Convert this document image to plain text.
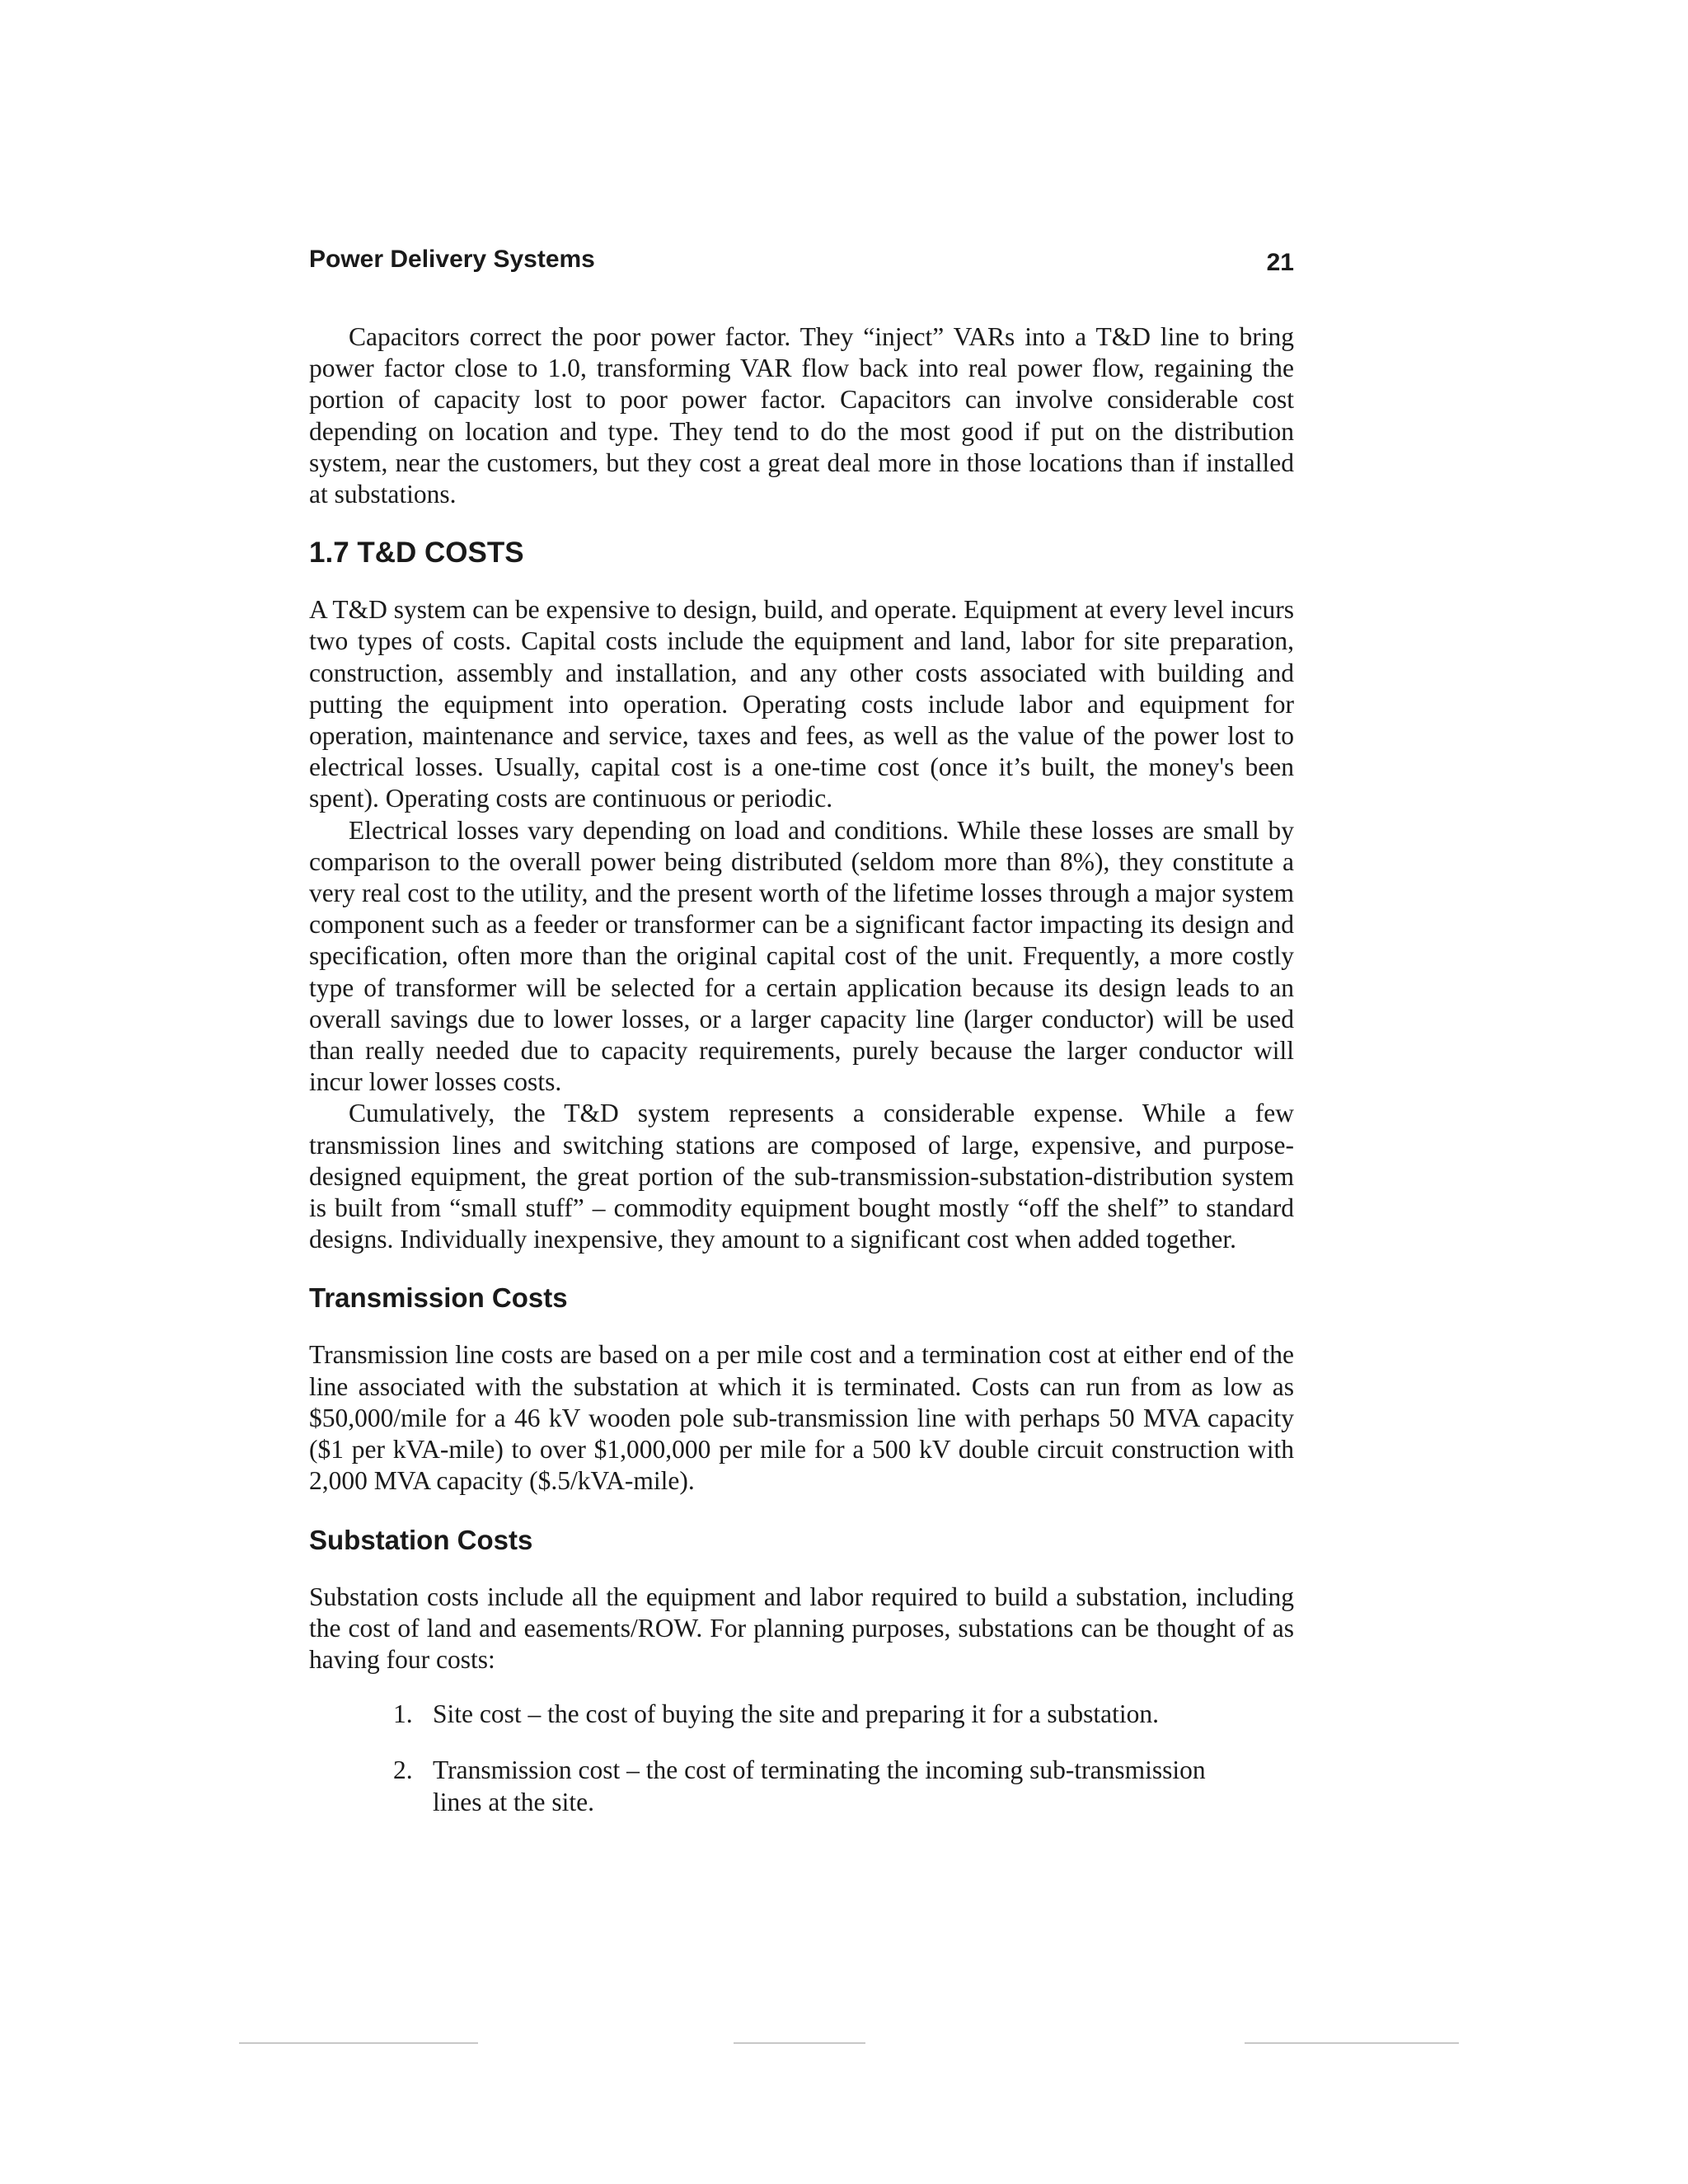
Power Delivery Systems	21

Capacitors correct the poor power factor. They “inject” VARs into a T&D line to bring power factor close to 1.0, transforming VAR flow back into real power flow, regaining the portion of capacity lost to poor power factor. Capacitors can involve considerable cost depending on location and type. They tend to do the most good if put on the distribution system, near the customers, but they cost a great deal more in those locations than if installed at substations.

1.7 T&D COSTS

A T&D system can be expensive to design, build, and operate. Equipment at every level incurs two types of costs. Capital costs include the equipment and land, labor for site preparation, construction, assembly and installation, and any other costs associated with building and putting the equipment into operation. Operating costs include labor and equipment for operation, maintenance and service, taxes and fees, as well as the value of the power lost to electrical losses. Usually, capital cost is a one-time cost (once it’s built, the money's been spent). Operating costs are continuous or periodic.

Electrical losses vary depending on load and conditions. While these losses are small by comparison to the overall power being distributed (seldom more than 8%), they constitute a very real cost to the utility, and the present worth of the lifetime losses through a major system component such as a feeder or transformer can be a significant factor impacting its design and specification, often more than the original capital cost of the unit. Frequently, a more costly type of transformer will be selected for a certain application because its design leads to an overall savings due to lower losses, or a larger capacity line (larger conductor) will be used than really needed due to capacity requirements, purely because the larger conductor will incur lower losses costs.

Cumulatively, the T&D system represents a considerable expense. While a few transmission lines and switching stations are composed of large, expensive, and purpose-designed equipment, the great portion of the sub-transmission-substation-distribution system is built from “small stuff” – commodity equipment bought mostly “off the shelf” to standard designs. Individually inexpensive, they amount to a significant cost when added together.

Transmission Costs

Transmission line costs are based on a per mile cost and a termination cost at either end of the line associated with the substation at which it is terminated. Costs can run from as low as $50,000/mile for a 46 kV wooden pole sub-transmission line with perhaps 50 MVA capacity ($1 per kVA-mile) to over $1,000,000 per mile for a 500 kV double circuit construction with 2,000 MVA capacity ($.5/kVA-mile).

Substation Costs

Substation costs include all the equipment and labor required to build a substation, including the cost of land and easements/ROW. For planning purposes, substations can be thought of as having four costs:

1. Site cost – the cost of buying the site and preparing it for a substation.
2. Transmission cost – the cost of terminating the incoming sub-transmission lines at the site.
